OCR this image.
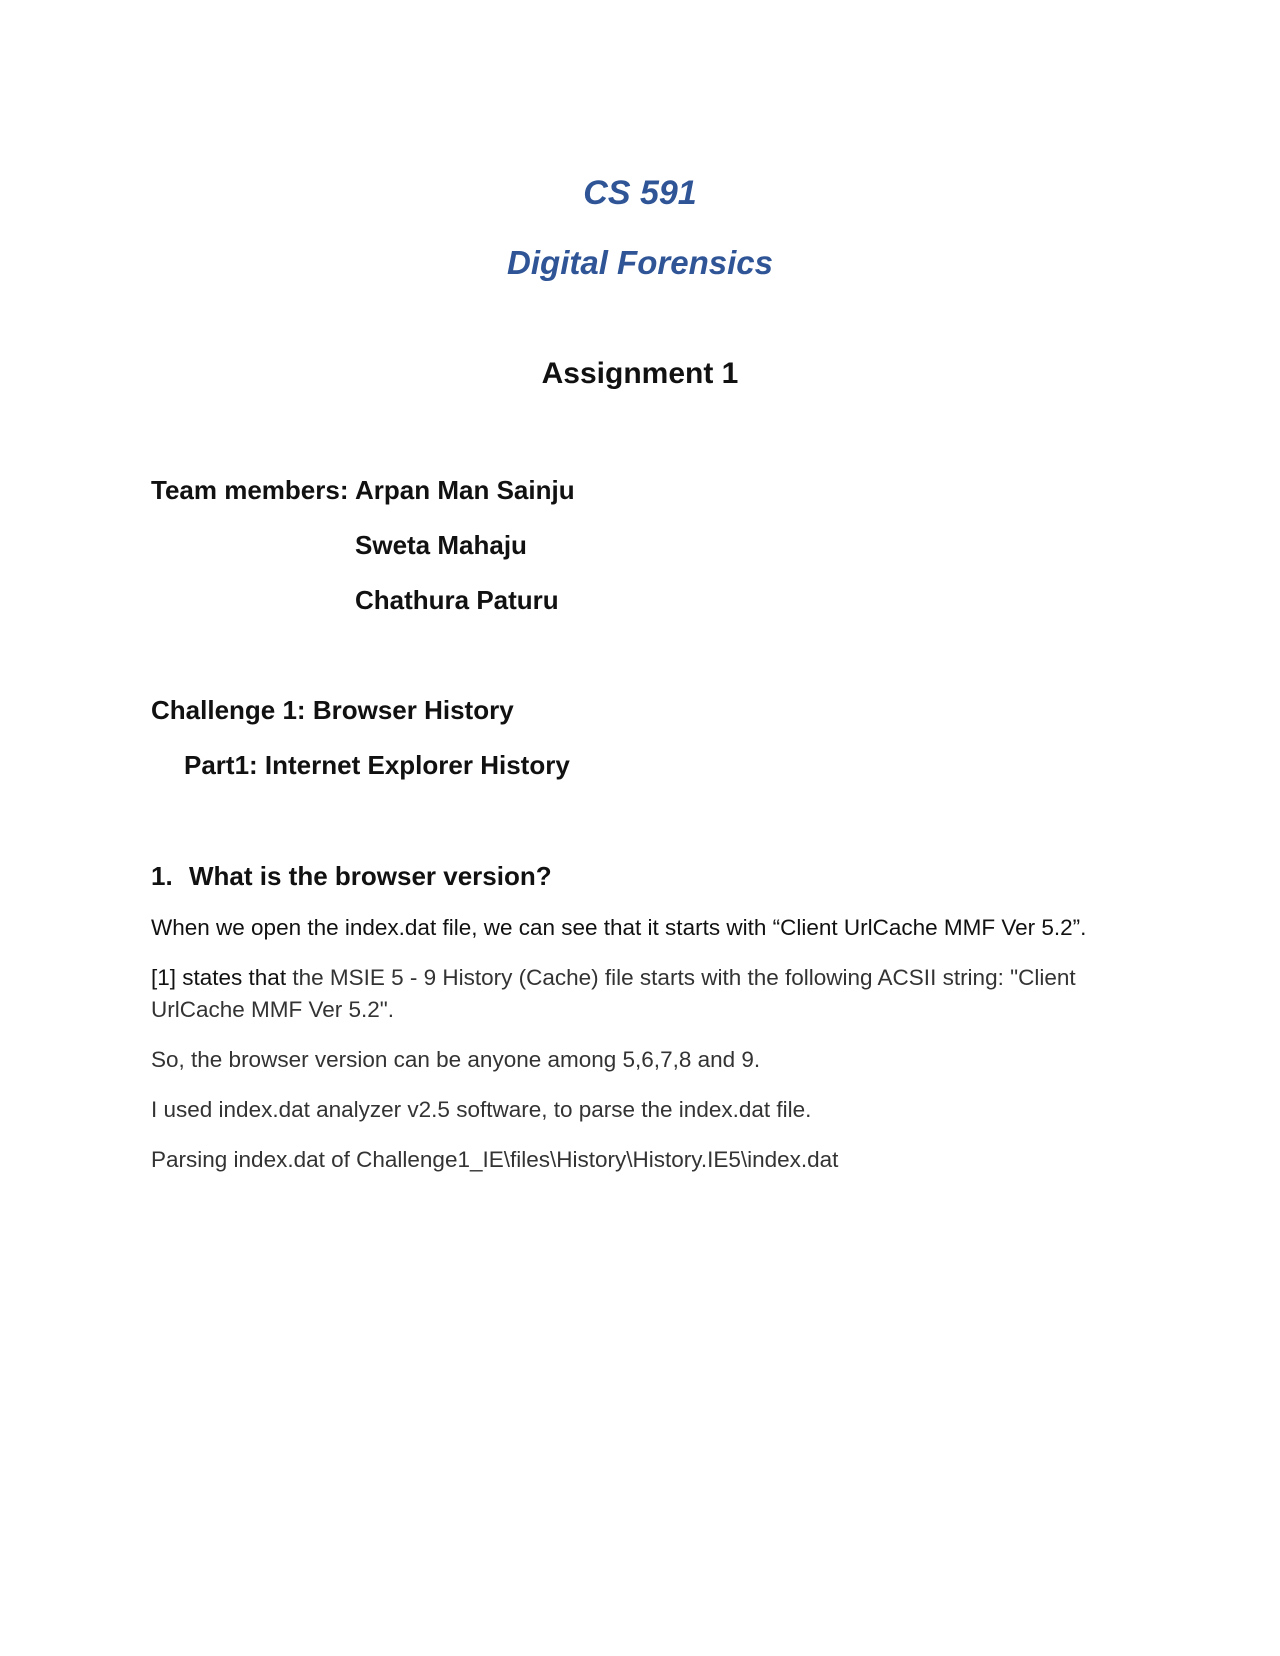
CS 591
Digital Forensics
Assignment 1
Team members: Arpan Man Sainju
Sweta Mahaju
Chathura Paturu
Challenge 1: Browser History
Part1: Internet Explorer History
1. What is the browser version?
When we open the index.dat file, we can see that it starts with “Client UrlCache MMF Ver 5.2”.
[1] states that the MSIE 5 - 9 History (Cache) file starts with the following ACSII string: "Client UrlCache MMF Ver 5.2".
So, the browser version can be anyone among 5,6,7,8 and 9.
I used index.dat analyzer v2.5 software, to parse the index.dat file.
Parsing index.dat of Challenge1_IE\files\History\History.IE5\index.dat
